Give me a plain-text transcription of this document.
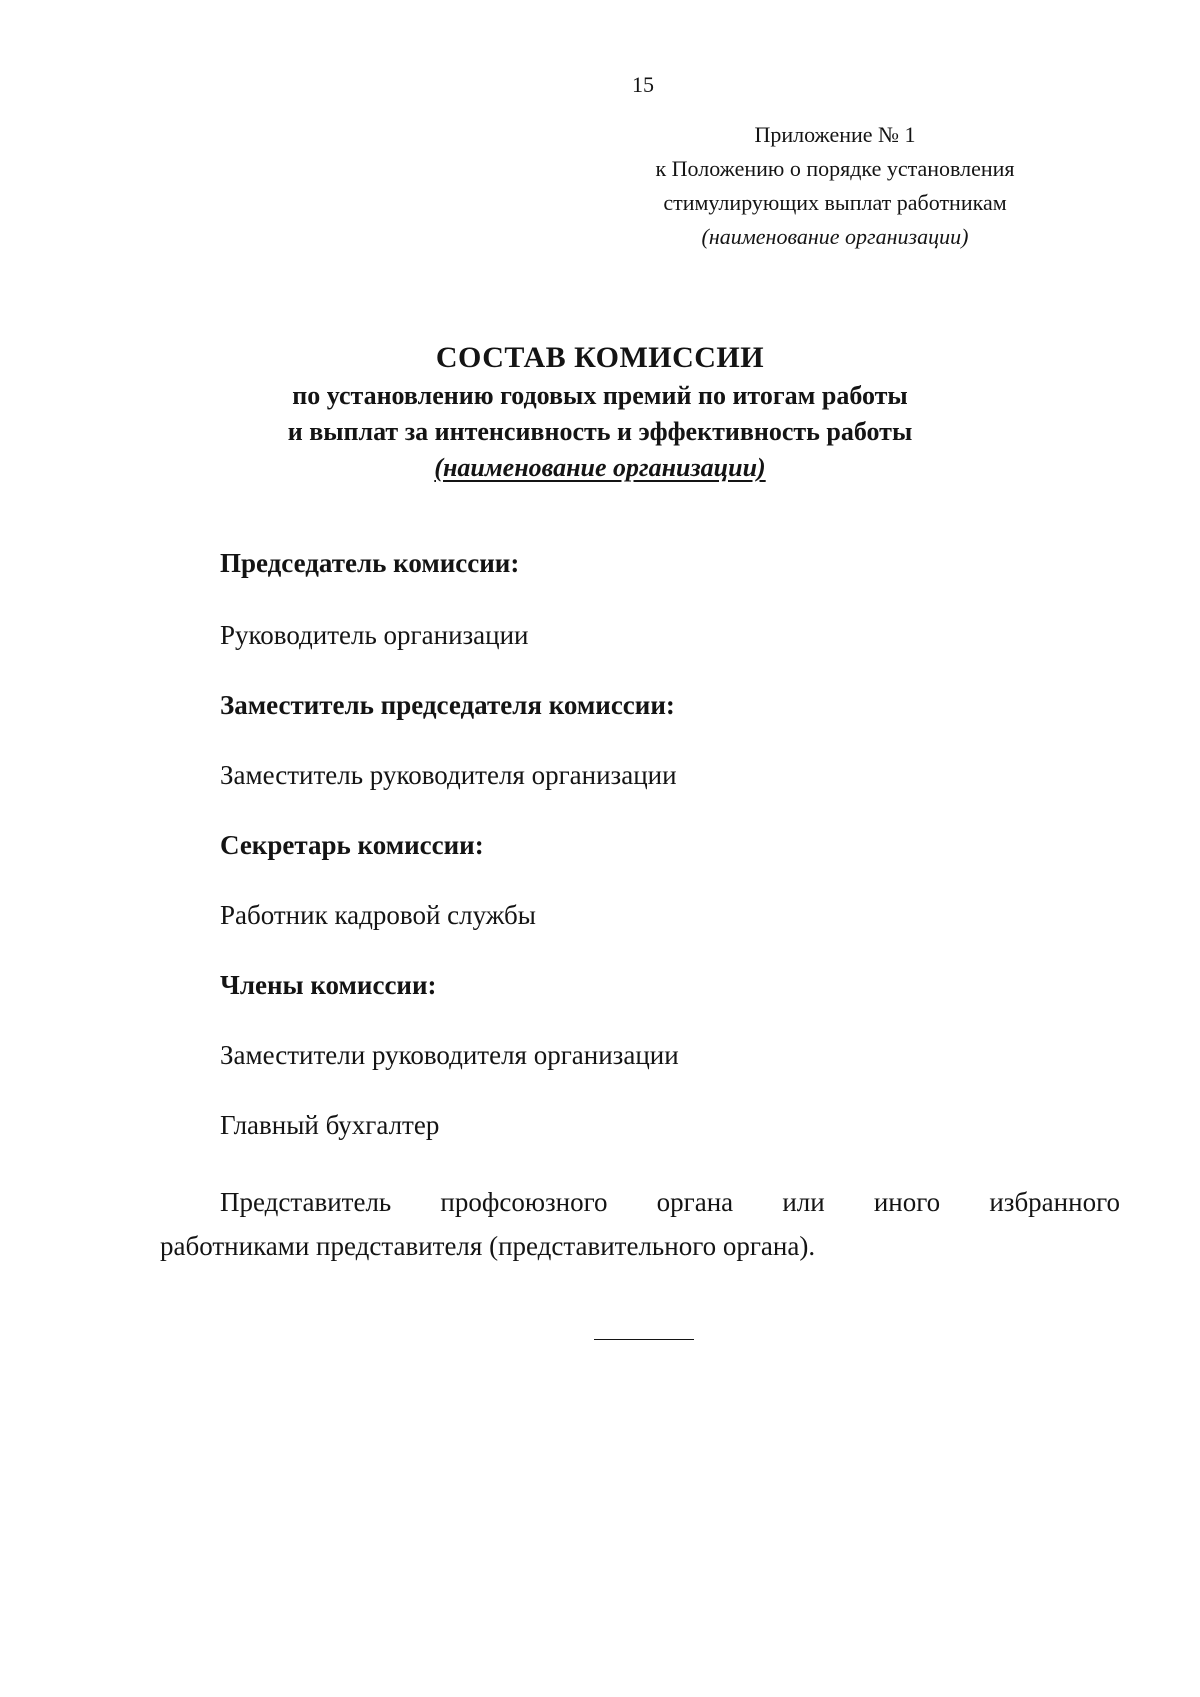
15
Приложение № 1
к Положению о порядке установления
стимулирующих выплат работникам
(наименование организации)
СОСТАВ КОМИССИИ
по установлению годовых премий по итогам работы
и выплат за интенсивность и эффективность работы
(наименование организации)
Председатель комиссии:
Руководитель организации
Заместитель председателя комиссии:
Заместитель руководителя организации
Секретарь комиссии:
Работник кадровой службы
Члены комиссии:
Заместители руководителя организации
Главный бухгалтер
Представитель профсоюзного органа или иного избранного
работниками представителя (представительного органа).
